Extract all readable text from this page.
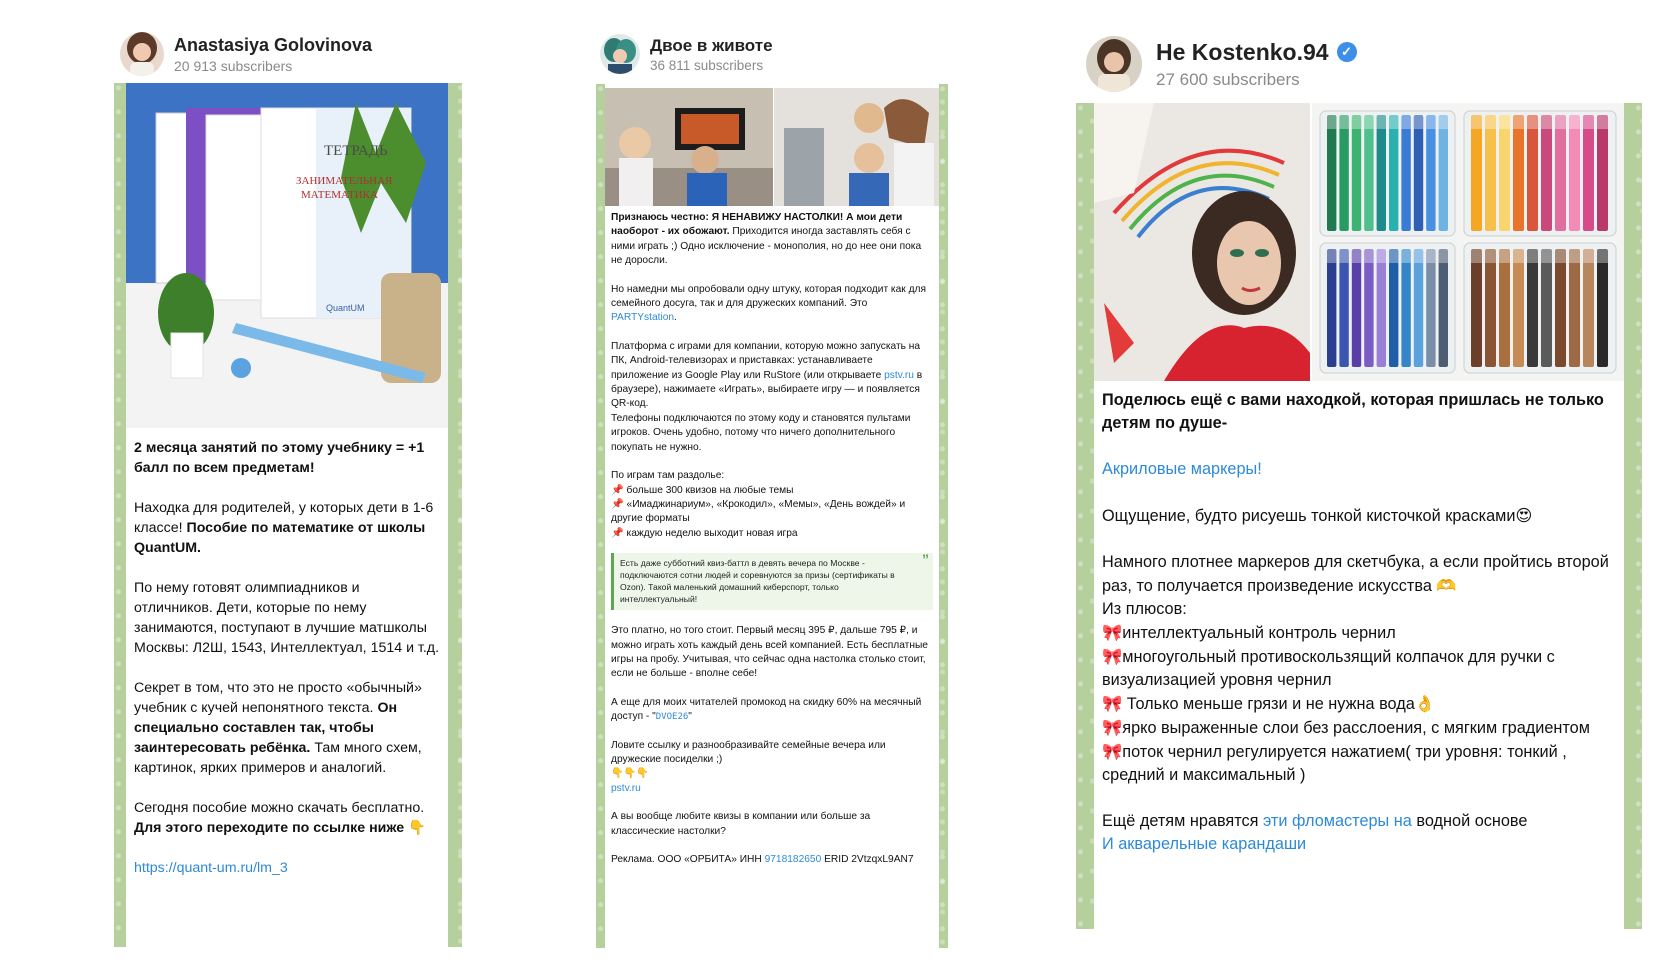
Anastasiya Golovinova
20 913 subscribers
ТЕТРАДЬ
ЗАНИМАТЕЛЬНАЯ
МАТЕМАТИКА
QuantUM

2 месяца занятий по этому учебнику = +1 балл по всем предметам!

Находка для родителей, у которых дети в 1-6 классе! Пособие по математике от школы QuantUM.

По нему готовят олимпиадников и отличников. Дети, которые по нему занимаются, поступают в лучшие матшколы Москвы: Л2Ш, 1543, Интеллектуал, 1514 и т.д.

Секрет в том, что это не просто «обычный» учебник с кучей непонятного текста. Он специально составлен так, чтобы заинтересовать ребёнка. Там много схем, картинок, ярких примеров и аналогий.

Сегодня пособие можно скачать бесплатно. Для этого переходите по ссылке ниже 👇

https://quant-um.ru/lm_3

Двое в животе
36 811 subscribers

Признаюсь честно: Я НЕНАВИЖУ НАСТОЛКИ! А мои дети наоборот - их обожают. Приходится иногда заставлять себя с ними играть ;) Одно исключение - монополия, но до нее они пока не доросли.

Но намедни мы опробовали одну штуку, которая подходит как для семейного досуга, так и для дружеских компаний. Это PARTYstation.

Платформа с играми для компании, которую можно запускать на ПК, Android-телевизорах и приставках: устанавливаете приложение из Google Play или RuStore (или открываете pstv.ru в браузере), нажимаете «Играть», выбираете игру — и появляется QR-код.

Телефоны подключаются по этому коду и становятся пультами игроков. Очень удобно, потому что ничего дополнительного покупать не нужно.

По играм там раздолье:

📌 больше 300 квизов на любые темы

📌 «Имаджинариум», «Крокодил», «Мемы», «День вождей» и другие форматы

📌 каждую неделю выходит новая игра

Есть даже субботний квиз-баттл в девять вечера по Москве - подключаются сотни людей и соревнуются за призы (сертификаты в Ozon). Такой маленький домашний киберспорт, только интеллектуальный!
”

Это платно, но того стоит. Первый месяц 395 ₽, дальше 795 ₽, и можно играть хоть каждый день всей компанией. Есть бесплатные игры на пробу. Учитывая, что сейчас одна настолка столько стоит, если не больше - вполне себе!

А еще для моих читателей промокод на скидку 60% на месячный доступ - "DVOE26"

Ловите ссылку и разнообразивайте семейные вечера или дружеские посиделки ;)

👇👇👇

pstv.ru

А вы вообще любите квизы в компании или больше за классические настолки?

Реклама. ООО «ОРБИТА» ИНН 9718182650 ERID 2VtzqxL9AN7

He Kostenko.94 ✓
27 600 subscribers

Поделюсь ещё с вами находкой, которая пришлась не только детям по душе-

Акриловые маркеры!

Ощущение, будто рисуешь тонкой кисточкой красками😍

Намного плотнее маркеров для скетчбука, а если пройтись второй раз, то получается произведение искусства 🫶

Из плюсов:

🎀интеллектуальный контроль чернил

🎀многоугольный противоскользящий колпачок для ручки с визуализацией уровня чернил

🎀 Только меньше грязи и не нужна вода👌

🎀ярко выраженные слои без расслоения, с мягким градиентом

🎀поток чернил регулируется нажатием( три уровня: тонкий , средний и максимальный )

Ещё детям нравятся эти фломастеры на водной основе

И акварельные карандаши
